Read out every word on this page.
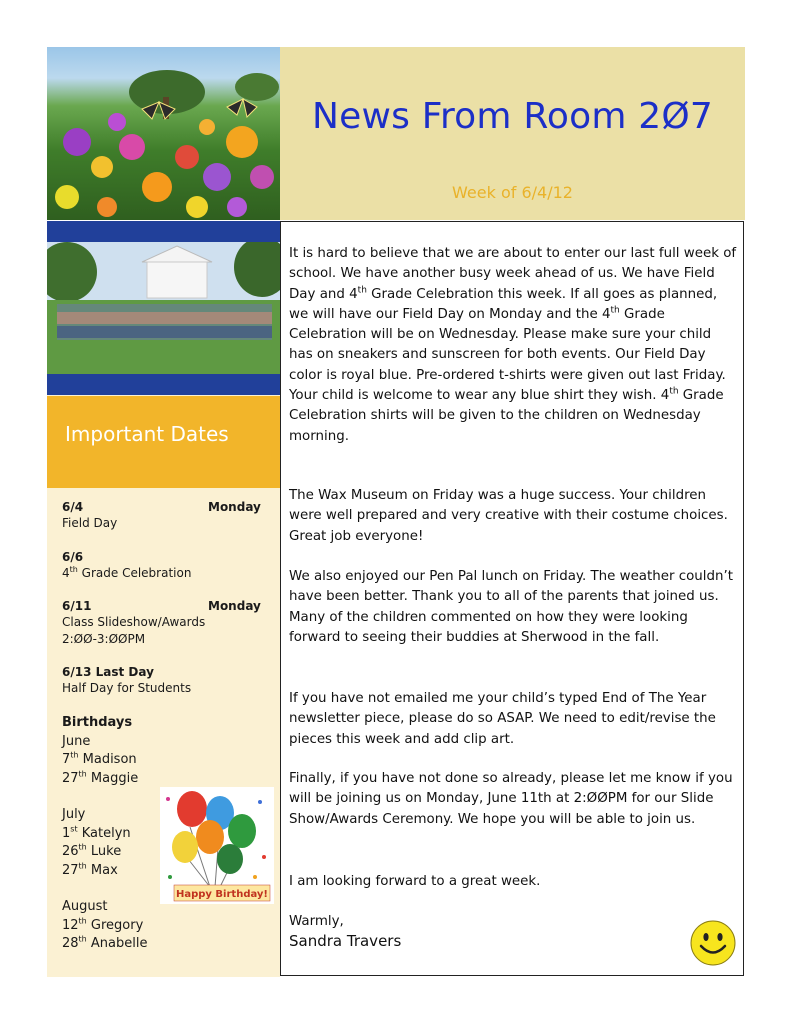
News From Room 2Ø7
Week of 6/4/12
Important Dates
6/4	Monday
Field Day
6/6
4th Grade Celebration
6/11	Monday
Class Slideshow/Awards
2:ØØ-3:ØØPM
6/13 Last Day
Half Day for Students
Birthdays
June
7th Madison
27th Maggie
July
1st Katelyn
26th Luke
27th Max
August
12th Gregory
28th Anabelle
Happy Birthday!
It is hard to believe that we are about to enter our last full week of school. We have another busy week ahead of us. We have Field Day and 4th Grade Celebration this week. If all goes as planned, we will have our Field Day on Monday and the 4th Grade Celebration will be on Wednesday. Please make sure your child has on sneakers and sunscreen for both events. Our Field Day color is royal blue. Pre-ordered t-shirts were given out last Friday. Your child is welcome to wear any blue shirt they wish. 4th Grade Celebration shirts will be given to the children on Wednesday morning.
The Wax Museum on Friday was a huge success. Your children were well prepared and very creative with their costume choices. Great job everyone!
We also enjoyed our Pen Pal lunch on Friday. The weather couldn’t have been better. Thank you to all of the parents that joined us. Many of the children commented on how they were looking forward to seeing their buddies at Sherwood in the fall.
If you have not emailed me your child’s typed End of The Year newsletter piece, please do so ASAP. We need to edit/revise the pieces this week and add clip art.
Finally, if you have not done so already, please let me know if you will be joining us on Monday, June 11th at 2:ØØPM for our Slide Show/Awards Ceremony. We hope you will be able to join us.
I am looking forward to a great week.
Warmly,
Sandra Travers
